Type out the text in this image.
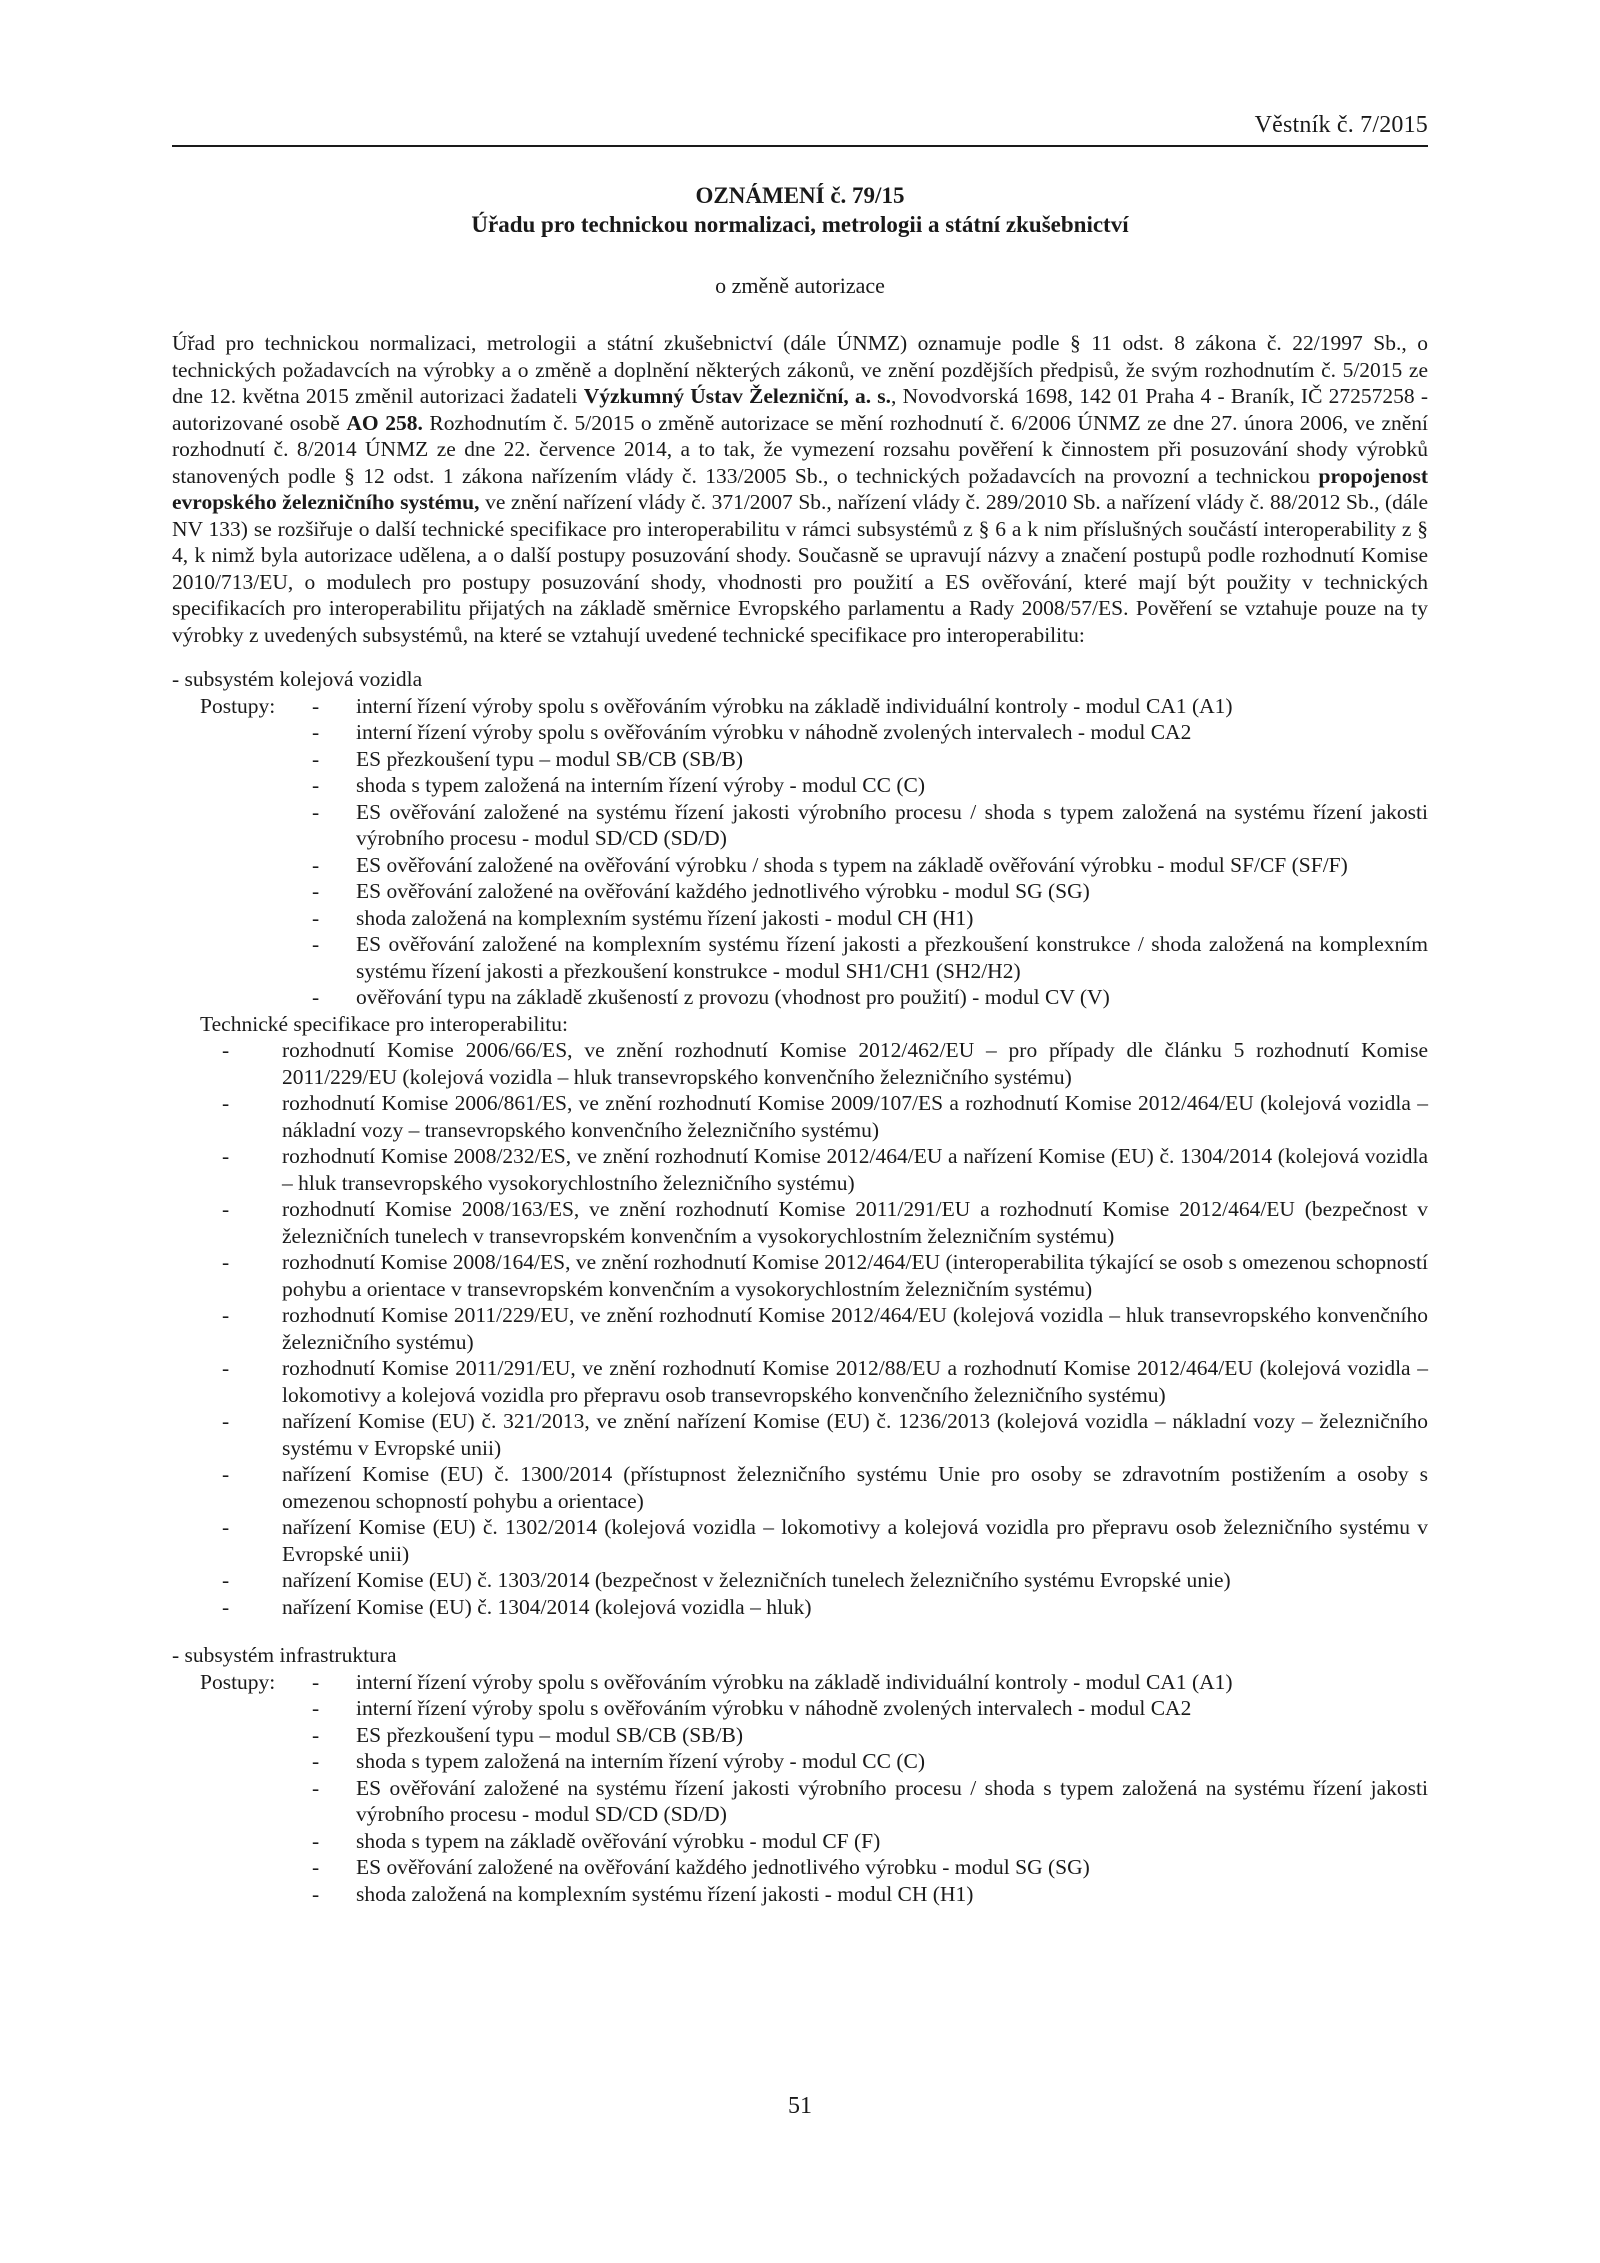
Věstník č. 7/2015
OZNÁMENÍ č. 79/15
Úřadu pro technickou normalizaci, metrologii a státní zkušebnictví
o změně autorizace

Úřad pro technickou normalizaci, metrologii a státní zkušebnictví (dále ÚNMZ) oznamuje podle § 11 odst. 8 zákona č. 22/1997 Sb., o technických požadavcích na výrobky a o změně a doplnění některých zákonů, ve znění pozdějších předpisů, že svým rozhodnutím č. 5/2015 ze dne 12. května 2015 změnil autorizaci žadateli Výzkumný Ústav Železniční, a. s., Novodvorská 1698, 142 01 Praha 4 - Braník, IČ 27257258 - autorizované osobě AO 258. Rozhodnutím č. 5/2015 o změně autorizace se mění rozhodnutí č. 6/2006 ÚNMZ ze dne 27. února 2006, ve znění rozhodnutí č. 8/2014 ÚNMZ ze dne 22. července 2014, a to tak, že vymezení rozsahu pověření k činnostem při posuzování shody výrobků stanovených podle § 12 odst. 1 zákona nařízením vlády č. 133/2005 Sb., o technických požadavcích na provozní a technickou propojenost evropského železničního systému, ve znění nařízení vlády č. 371/2007 Sb., nařízení vlády č. 289/2010 Sb. a nařízení vlády č. 88/2012 Sb., (dále NV 133) se rozšiřuje o další technické specifikace pro interoperabilitu v rámci subsystémů z § 6 a k nim příslušných součástí interoperability z § 4, k nimž byla autorizace udělena, a o další postupy posuzování shody. Současně se upravují názvy a značení postupů podle rozhodnutí Komise 2010/713/EU, o modulech pro postupy posuzování shody, vhodnosti pro použití a ES ověřování, které mají být použity v technických specifikacích pro interoperabilitu přijatých na základě směrnice Evropského parlamentu a Rady 2008/57/ES. Pověření se vztahuje pouze na ty výrobky z uvedených subsystémů, na které se vztahují uvedené technické specifikace pro interoperabilitu:

- subsystém kolejová vozidla
Postupy:	-	interní řízení výroby spolu s ověřováním výrobku na základě individuální kontroly - modul CA1 (A1)
-	interní řízení výroby spolu s ověřováním výrobku v náhodně zvolených intervalech - modul CA2
-	ES přezkoušení typu – modul SB/CB (SB/B)
-	shoda s typem založená na interním řízení výroby - modul CC (C)
-	ES ověřování založené na systému řízení jakosti výrobního procesu / shoda s typem založená na systému řízení jakosti výrobního procesu - modul SD/CD (SD/D)
-	ES ověřování založené na ověřování výrobku / shoda s typem na základě ověřování výrobku - modul SF/CF (SF/F)
-	ES ověřování založené na ověřování každého jednotlivého výrobku - modul SG (SG)
-	shoda založená na komplexním systému řízení jakosti - modul CH (H1)
-	ES ověřování založené na komplexním systému řízení jakosti a přezkoušení konstrukce / shoda založená na komplexním systému řízení jakosti a přezkoušení konstrukce - modul SH1/CH1 (SH2/H2)
-	ověřování typu na základě zkušeností z provozu (vhodnost pro použití) - modul CV (V)
Technické specifikace pro interoperabilitu:
-	rozhodnutí Komise 2006/66/ES, ve znění rozhodnutí Komise 2012/462/EU – pro případy dle článku 5 rozhodnutí Komise 2011/229/EU (kolejová vozidla – hluk transevropského konvenčního železničního systému)
-	rozhodnutí Komise 2006/861/ES, ve znění rozhodnutí Komise 2009/107/ES a rozhodnutí Komise 2012/464/EU (kolejová vozidla – nákladní vozy – transevropského konvenčního železničního systému)
-	rozhodnutí Komise 2008/232/ES, ve znění rozhodnutí Komise 2012/464/EU a nařízení Komise (EU) č. 1304/2014 (kolejová vozidla – hluk transevropského vysokorychlostního železničního systému)
-	rozhodnutí Komise 2008/163/ES, ve znění rozhodnutí Komise 2011/291/EU a rozhodnutí Komise 2012/464/EU (bezpečnost v železničních tunelech v transevropském konvenčním a vysokorychlostním železničním systému)
-	rozhodnutí Komise 2008/164/ES, ve znění rozhodnutí Komise 2012/464/EU (interoperabilita týkající se osob s omezenou schopností pohybu a orientace v transevropském konvenčním a vysokorychlostním železničním systému)
-	rozhodnutí Komise 2011/229/EU, ve znění rozhodnutí Komise 2012/464/EU (kolejová vozidla – hluk transevropského konvenčního železničního systému)
-	rozhodnutí Komise 2011/291/EU, ve znění rozhodnutí Komise 2012/88/EU a rozhodnutí Komise 2012/464/EU (kolejová vozidla – lokomotivy a kolejová vozidla pro přepravu osob transevropského konvenčního železničního systému)
-	nařízení Komise (EU) č. 321/2013, ve znění nařízení Komise (EU) č. 1236/2013 (kolejová vozidla – nákladní vozy – železničního systému v Evropské unii)
-	nařízení Komise (EU) č. 1300/2014 (přístupnost železničního systému Unie pro osoby se zdravotním postižením a osoby s omezenou schopností pohybu a orientace)
-	nařízení Komise (EU) č. 1302/2014 (kolejová vozidla – lokomotivy a kolejová vozidla pro přepravu osob železničního systému v Evropské unii)
-	nařízení Komise (EU) č. 1303/2014 (bezpečnost v železničních tunelech železničního systému Evropské unie)
-	nařízení Komise (EU) č. 1304/2014 (kolejová vozidla – hluk)
- subsystém infrastruktura
Postupy:	-	interní řízení výroby spolu s ověřováním výrobku na základě individuální kontroly - modul CA1 (A1)
-	interní řízení výroby spolu s ověřováním výrobku v náhodně zvolených intervalech - modul CA2
-	ES přezkoušení typu – modul SB/CB (SB/B)
-	shoda s typem založená na interním řízení výroby - modul CC (C)
-	ES ověřování založené na systému řízení jakosti výrobního procesu / shoda s typem založená na systému řízení jakosti výrobního procesu - modul SD/CD (SD/D)
-	shoda s typem na základě ověřování výrobku - modul CF (F)
-	ES ověřování založené na ověřování každého jednotlivého výrobku - modul SG (SG)
-	shoda založená na komplexním systému řízení jakosti - modul CH (H1)
51
